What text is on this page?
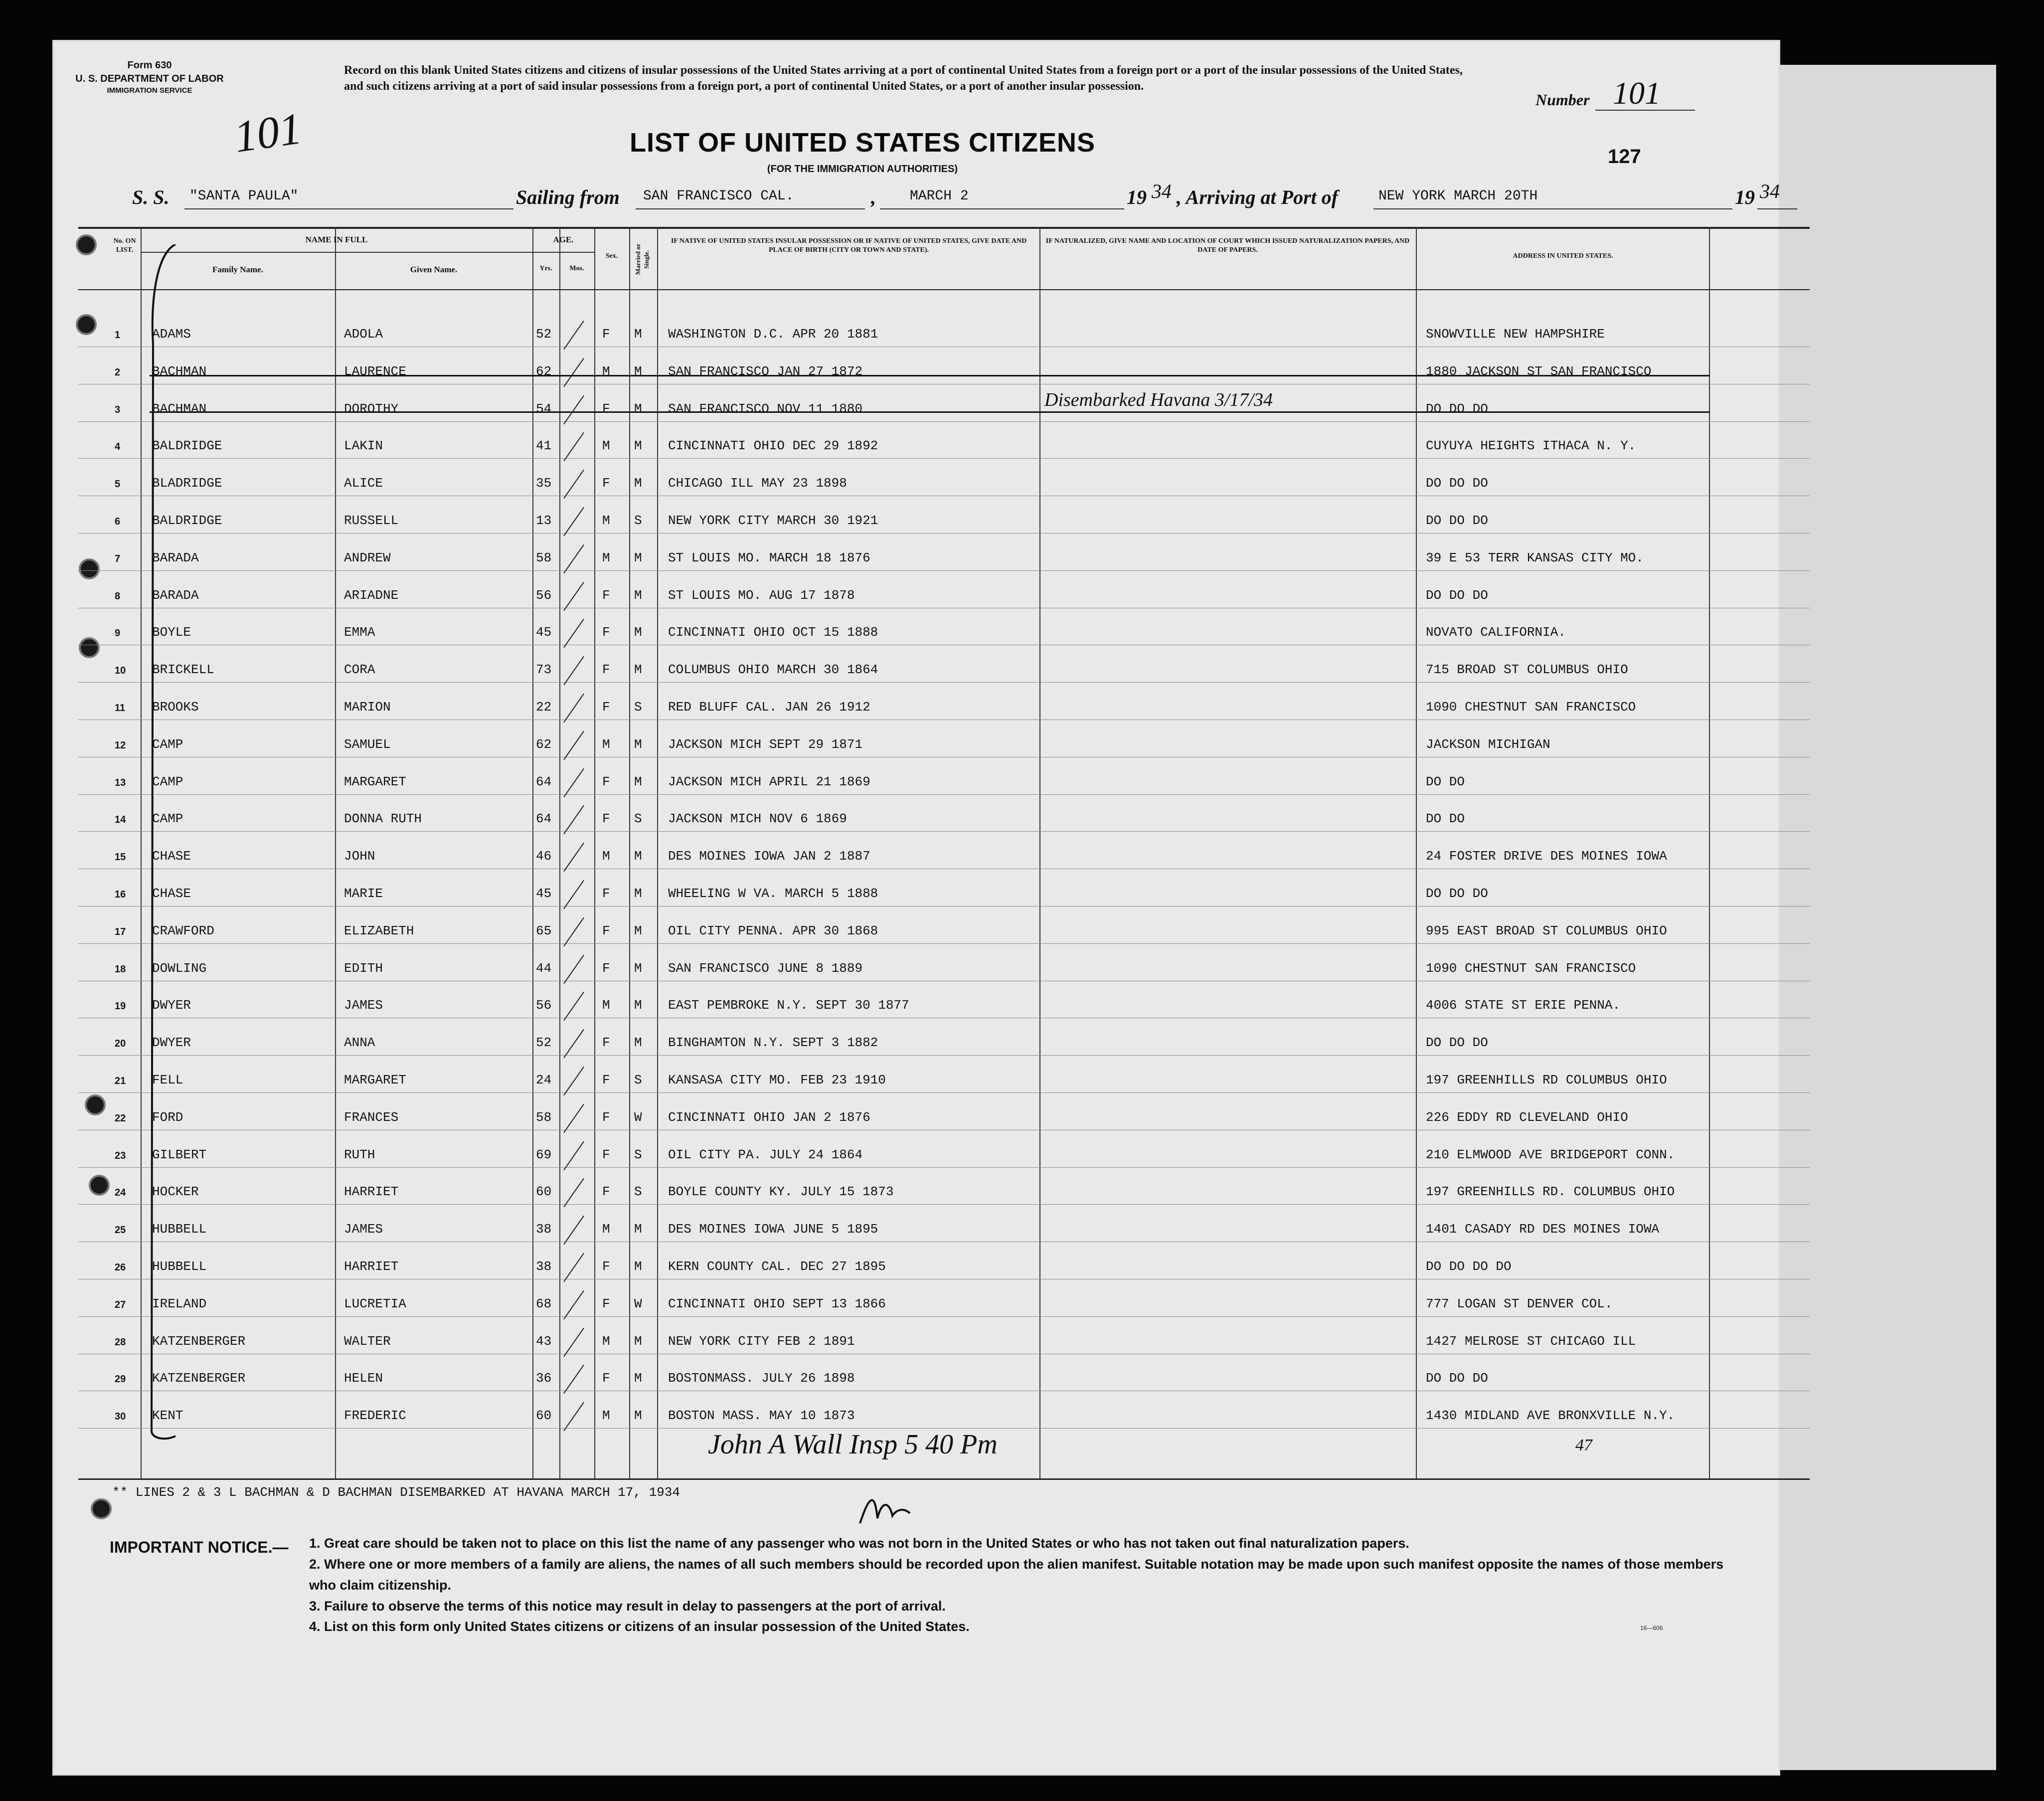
Form 630
U. S. DEPARTMENT OF LABOR
IMMIGRATION SERVICE
Record on this blank United States citizens and citizens of insular possessions of the United States arriving at a port of continental United States from a foreign port or a port of the insular possessions of the United States, and such citizens arriving at a port of said insular possessions from a foreign port, a port of continental United States, or a port of another insular possession.
Number 101
101	LIST OF UNITED STATES CITIZENS
(FOR THE IMMIGRATION AUTHORITIES)
127
S. S. "SANTA PAULA"	Sailing from SAN FRANCISCO CAL.	, MARCH 2	19 34 , Arriving at Port of	NEW YORK MARCH 20TH	19 34
No. ON LIST.
NAME IN FULL
Family Name.	Given Name.
AGE.
Yrs.	Mos.
Sex.	Married or Single.
IF NATIVE OF UNITED STATES INSULAR POSSESSION OR IF NATIVE OF UNITED STATES, GIVE DATE AND PLACE OF BIRTH (CITY OR TOWN AND STATE).
IF NATURALIZED, GIVE NAME AND LOCATION OF COURT WHICH ISSUED NATURALIZATION PAPERS, AND DATE OF PAPERS.
ADDRESS IN UNITED STATES.
1 ADAMS	ADOLA	52	F M WASHINGTON D.C. APR 20 1881	SNOWVILLE NEW HAMPSHIRE
2 BACHMAN	LAURENCE	62	M M SAN FRANCISCO JAN 27 1872	1880 JACKSON ST SAN FRANCISCO
3 BACHMAN	DOROTHY	54	F M SAN FRANCISCO NOV 11 1880	DO DO DO
4 BALDRIDGE	LAKIN	41	M M CINCINNATI OHIO DEC 29 1892	CUYUYA HEIGHTS ITHACA N. Y.
5 BLADRIDGE	ALICE	35	F M CHICAGO ILL MAY 23 1898	DO DO DO
6 BALDRIDGE	RUSSELL	13	M S NEW YORK CITY MARCH 30 1921	DO DO DO
7 BARADA	ANDREW	58	M M ST LOUIS MO. MARCH 18 1876	39 E 53 TERR KANSAS CITY MO.
8 BARADA	ARIADNE	56	F M ST LOUIS MO. AUG 17 1878	DO DO DO
9 BOYLE	EMMA	45	F M CINCINNATI OHIO OCT 15 1888	NOVATO CALIFORNIA.
10 BRICKELL	CORA	73	F M COLUMBUS OHIO MARCH 30 1864	715 BROAD ST COLUMBUS OHIO
11 BROOKS	MARION	22	F S RED BLUFF CAL. JAN 26 1912	1090 CHESTNUT SAN FRANCISCO
12 CAMP	SAMUEL	62	M M JACKSON MICH SEPT 29 1871	JACKSON MICHIGAN
13 CAMP	MARGARET	64	F M JACKSON MICH APRIL 21 1869	DO DO
14 CAMP	DONNA RUTH	64	F S JACKSON MICH NOV 6 1869	DO DO
15 CHASE	JOHN	46	M M DES MOINES IOWA JAN 2 1887	24 FOSTER DRIVE DES MOINES IOWA
16 CHASE	MARIE	45	F M WHEELING W VA. MARCH 5 1888	DO DO DO
17 CRAWFORD	ELIZABETH	65	F M OIL CITY PENNA. APR 30 1868	995 EAST BROAD ST COLUMBUS OHIO
18 DOWLING	EDITH	44	F M SAN FRANCISCO JUNE 8 1889	1090 CHESTNUT SAN FRANCISCO
19 DWYER	JAMES	56	M M EAST PEMBROKE N.Y. SEPT 30 1877	4006 STATE ST ERIE PENNA.
20 DWYER	ANNA	52	F M BINGHAMTON N.Y. SEPT 3 1882	DO DO DO
21 FELL	MARGARET	24	F S KANSASA CITY MO. FEB 23 1910	197 GREENHILLS RD COLUMBUS OHIO
22 FORD	FRANCES	58	F W CINCINNATI OHIO JAN 2 1876	226 EDDY RD CLEVELAND OHIO
23 GILBERT	RUTH	69	F S OIL CITY PA. JULY 24 1864	210 ELMWOOD AVE BRIDGEPORT CONN.
24 HOCKER	HARRIET	60	F S BOYLE COUNTY KY. JULY 15 1873	197 GREENHILLS RD. COLUMBUS OHIO
25 HUBBELL	JAMES	38	M M DES MOINES IOWA JUNE 5 1895	1401 CASADY RD DES MOINES IOWA
26 HUBBELL	HARRIET	38	F M KERN COUNTY CAL. DEC 27 1895	DO DO DO DO
27 IRELAND	LUCRETIA	68	F W CINCINNATI OHIO SEPT 13 1866	777 LOGAN ST DENVER COL.
28 KATZENBERGER	WALTER	43	M M NEW YORK CITY FEB 2 1891	1427 MELROSE ST CHICAGO ILL
29 KATZENBERGER	HELEN	36	F M BOSTONMASS. JULY 26 1898	DO DO DO
30 KENT	FREDERIC	60	M M BOSTON MASS. MAY 10 1873	1430 MIDLAND AVE BRONXVILLE N.Y.
Disembarked Havana 3/17/34
John A Wall Insp 5 40 Pm	47
** LINES 2 & 3 L BACHMAN & D BACHMAN DISEMBARKED AT HAVANA MARCH 17, 1934
IMPORTANT NOTICE.— 1. Great care should be taken not to place on this list the name of any passenger who was not born in the United States or who has not taken out final naturalization papers.

2. Where one or more members of a family are aliens, the names of all such members should be recorded upon the alien manifest. Suitable notation may be made upon such manifest opposite the names of those members who claim citizenship.

3. Failure to observe the terms of this notice may result in delay to passengers at the port of arrival.

4. List on this form only United States citizens or citizens of an insular possession of the United States.	16—606
